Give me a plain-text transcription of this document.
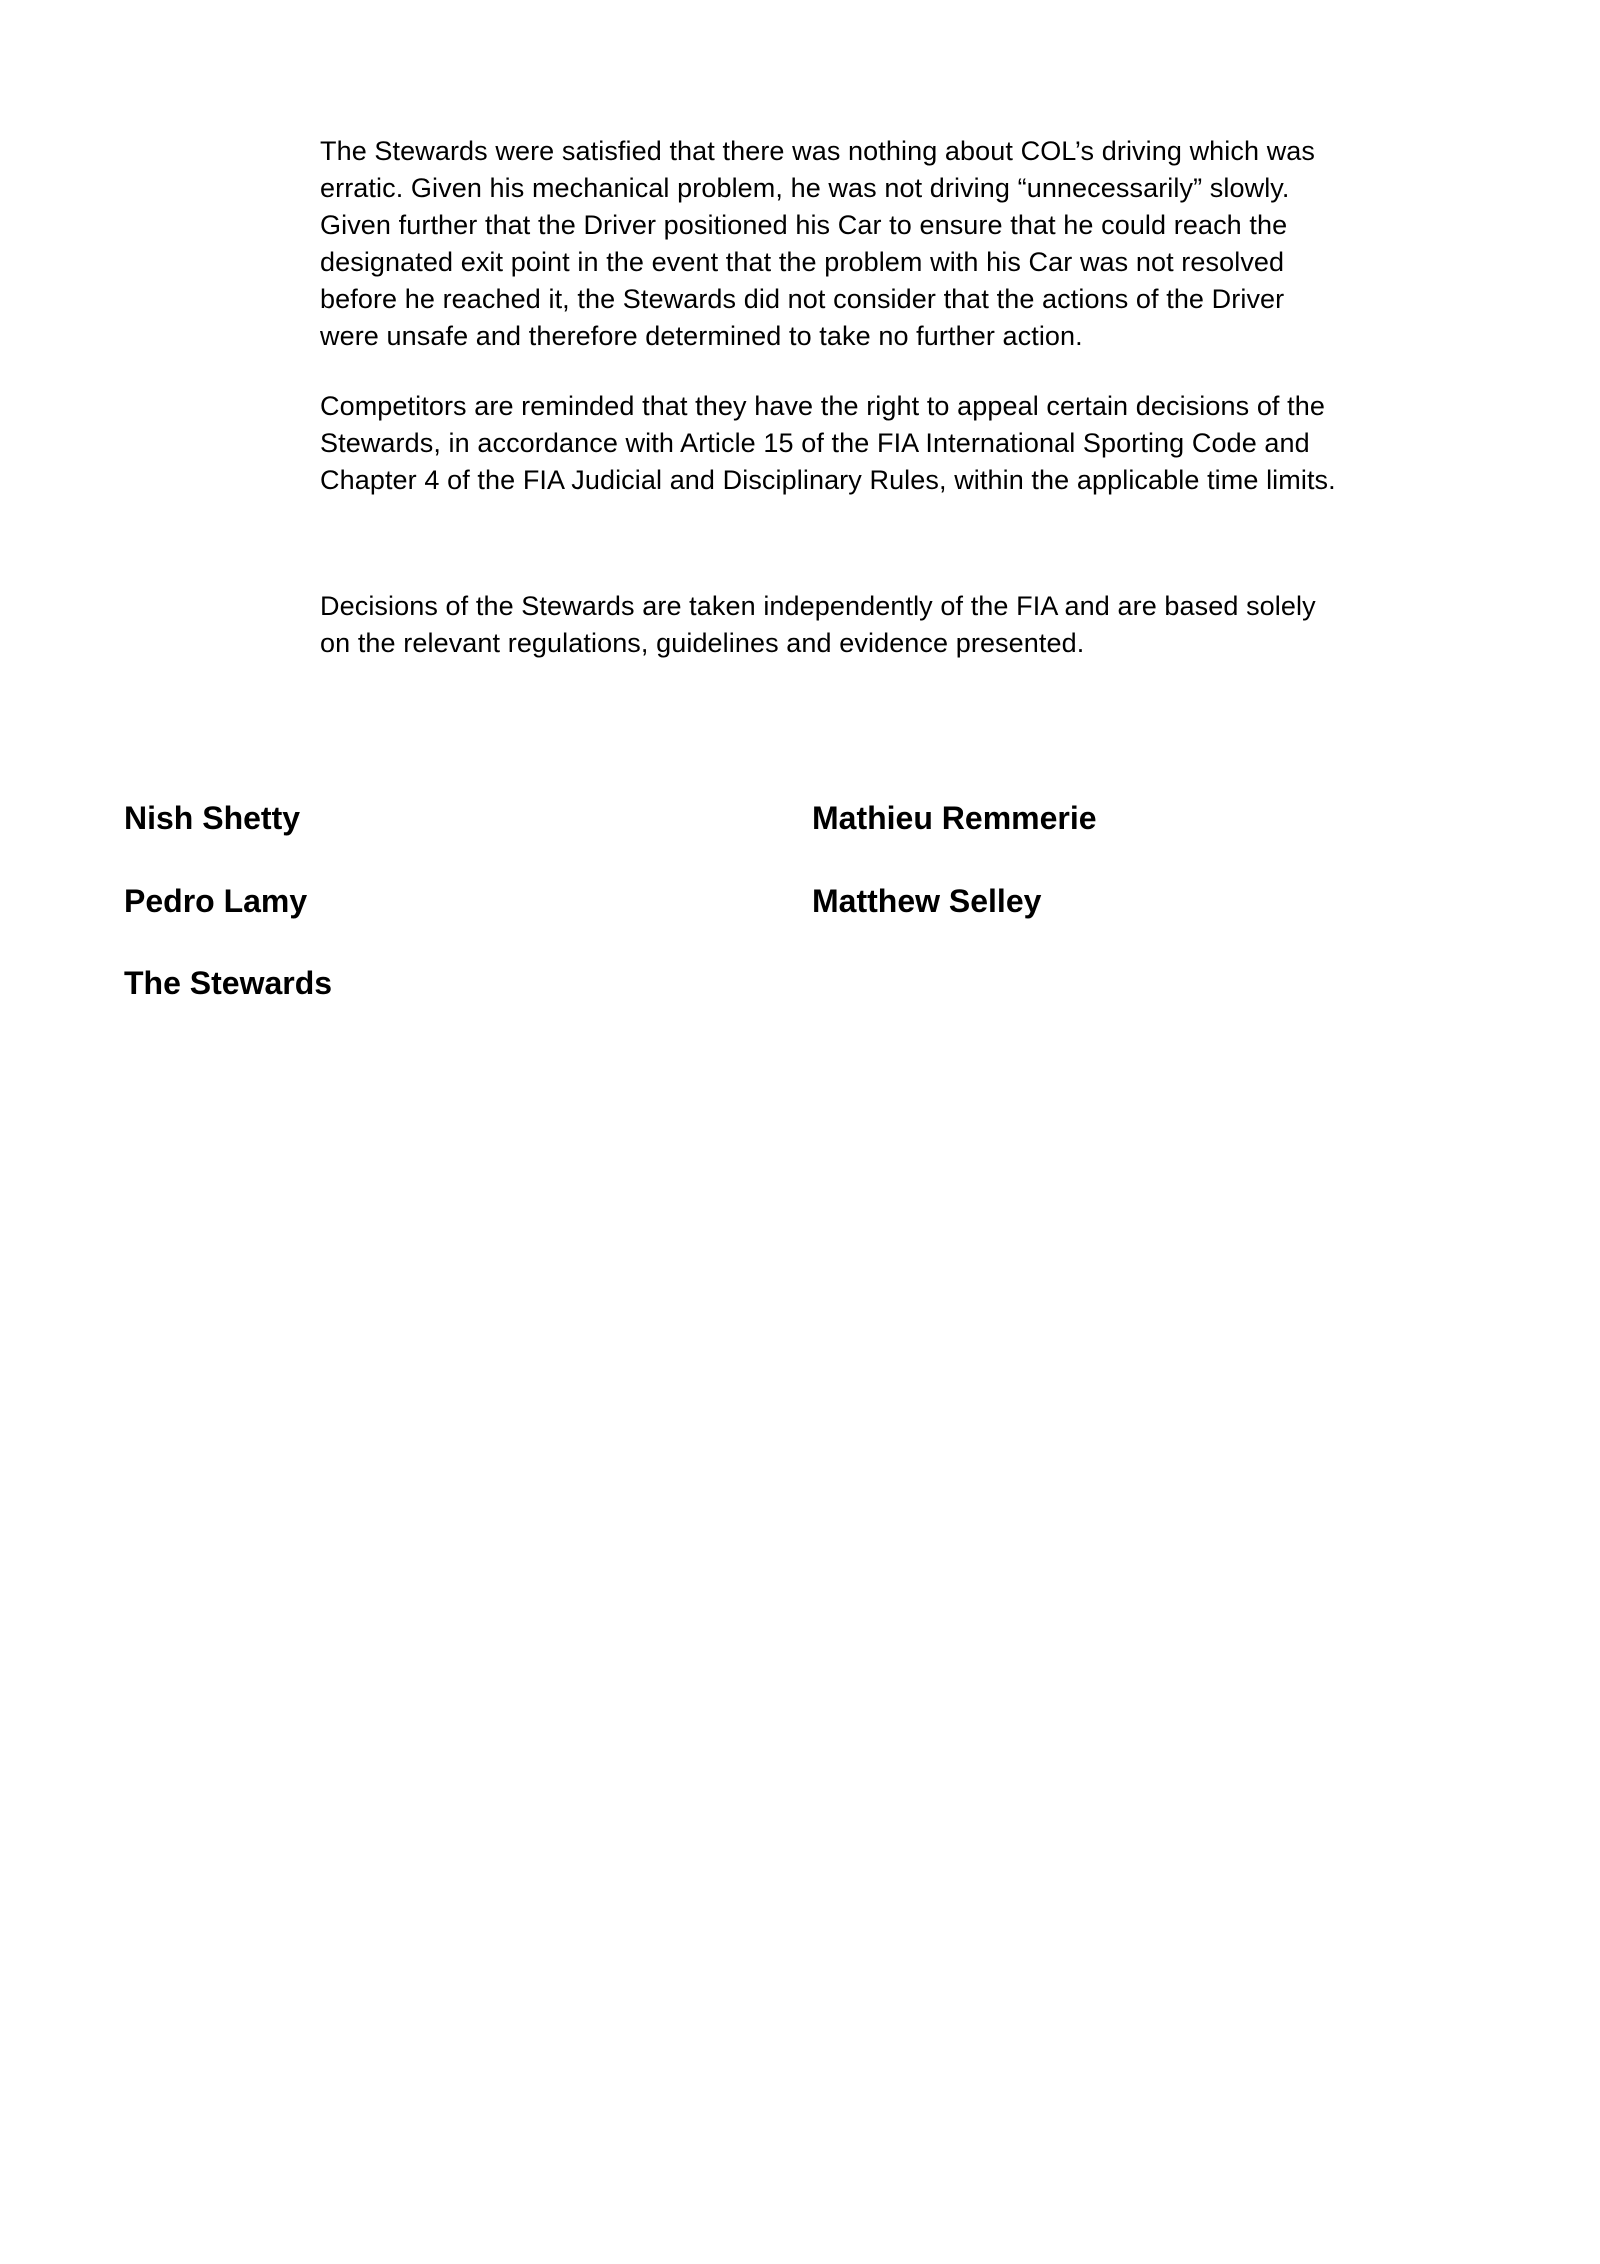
The Stewards were satisfied that there was nothing about COL’s driving which was
erratic. Given his mechanical problem, he was not driving “unnecessarily” slowly.
Given further that the Driver positioned his Car to ensure that he could reach the
designated exit point in the event that the problem with his Car was not resolved
before he reached it, the Stewards did not consider that the actions of the Driver
were unsafe and therefore determined to take no further action.
Competitors are reminded that they have the right to appeal certain decisions of the
Stewards, in accordance with Article 15 of the FIA International Sporting Code and
Chapter 4 of the FIA Judicial and Disciplinary Rules, within the applicable time limits.
Decisions of the Stewards are taken independently of the FIA and are based solely
on the relevant regulations, guidelines and evidence presented.
Nish Shetty	Mathieu Remmerie
Pedro Lamy	Matthew Selley
The Stewards
